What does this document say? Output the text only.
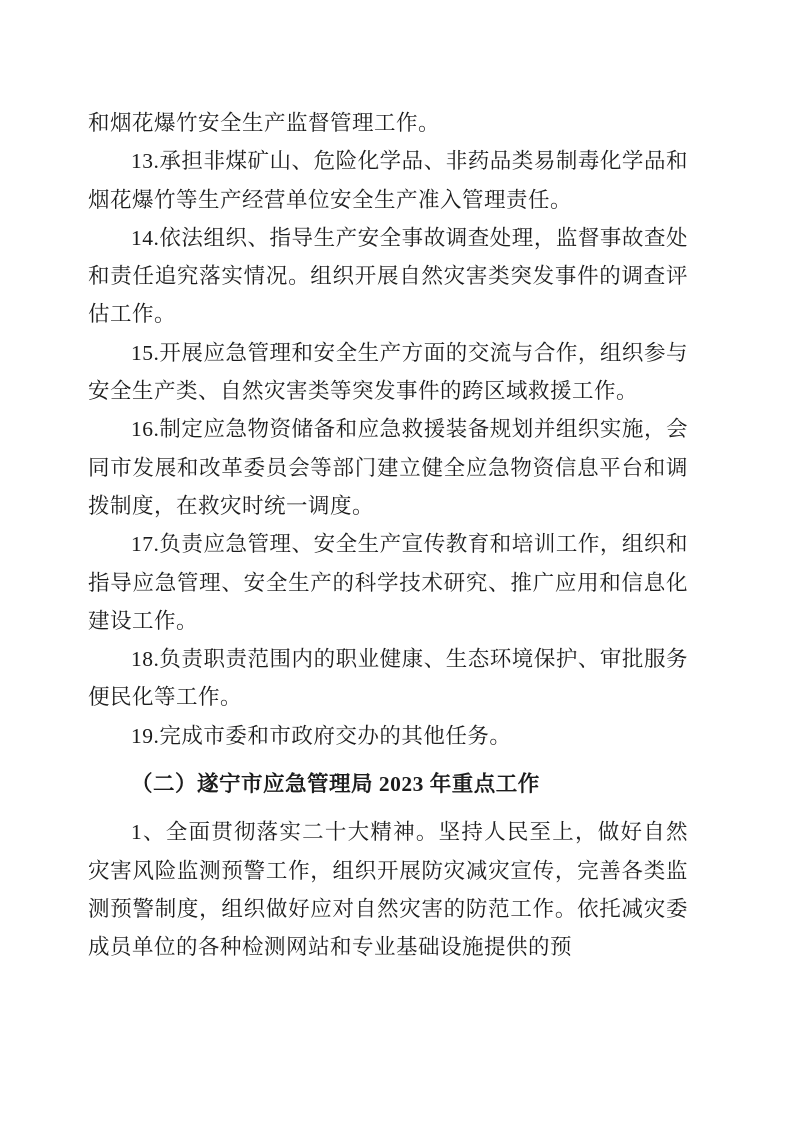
和烟花爆竹安全生产监督管理工作。

13.承担非煤矿山、危险化学品、非药品类易制毒化学品和烟花爆竹等生产经营单位安全生产准入管理责任。

14.依法组织、指导生产安全事故调查处理，监督事故查处和责任追究落实情况。组织开展自然灾害类突发事件的调查评估工作。

15.开展应急管理和安全生产方面的交流与合作，组织参与安全生产类、自然灾害类等突发事件的跨区域救援工作。

16.制定应急物资储备和应急救援装备规划并组织实施，会同市发展和改革委员会等部门建立健全应急物资信息平台和调拨制度，在救灾时统一调度。

17.负责应急管理、安全生产宣传教育和培训工作，组织和指导应急管理、安全生产的科学技术研究、推广应用和信息化建设工作。

18.负责职责范围内的职业健康、生态环境保护、审批服务便民化等工作。

19.完成市委和市政府交办的其他任务。

（二）遂宁市应急管理局 2023 年重点工作

1、全面贯彻落实二十大精神。坚持人民至上，做好自然灾害风险监测预警工作，组织开展防灾减灾宣传，完善各类监测预警制度，组织做好应对自然灾害的防范工作。依托减灾委成员单位的各种检测网站和专业基础设施提供的预
